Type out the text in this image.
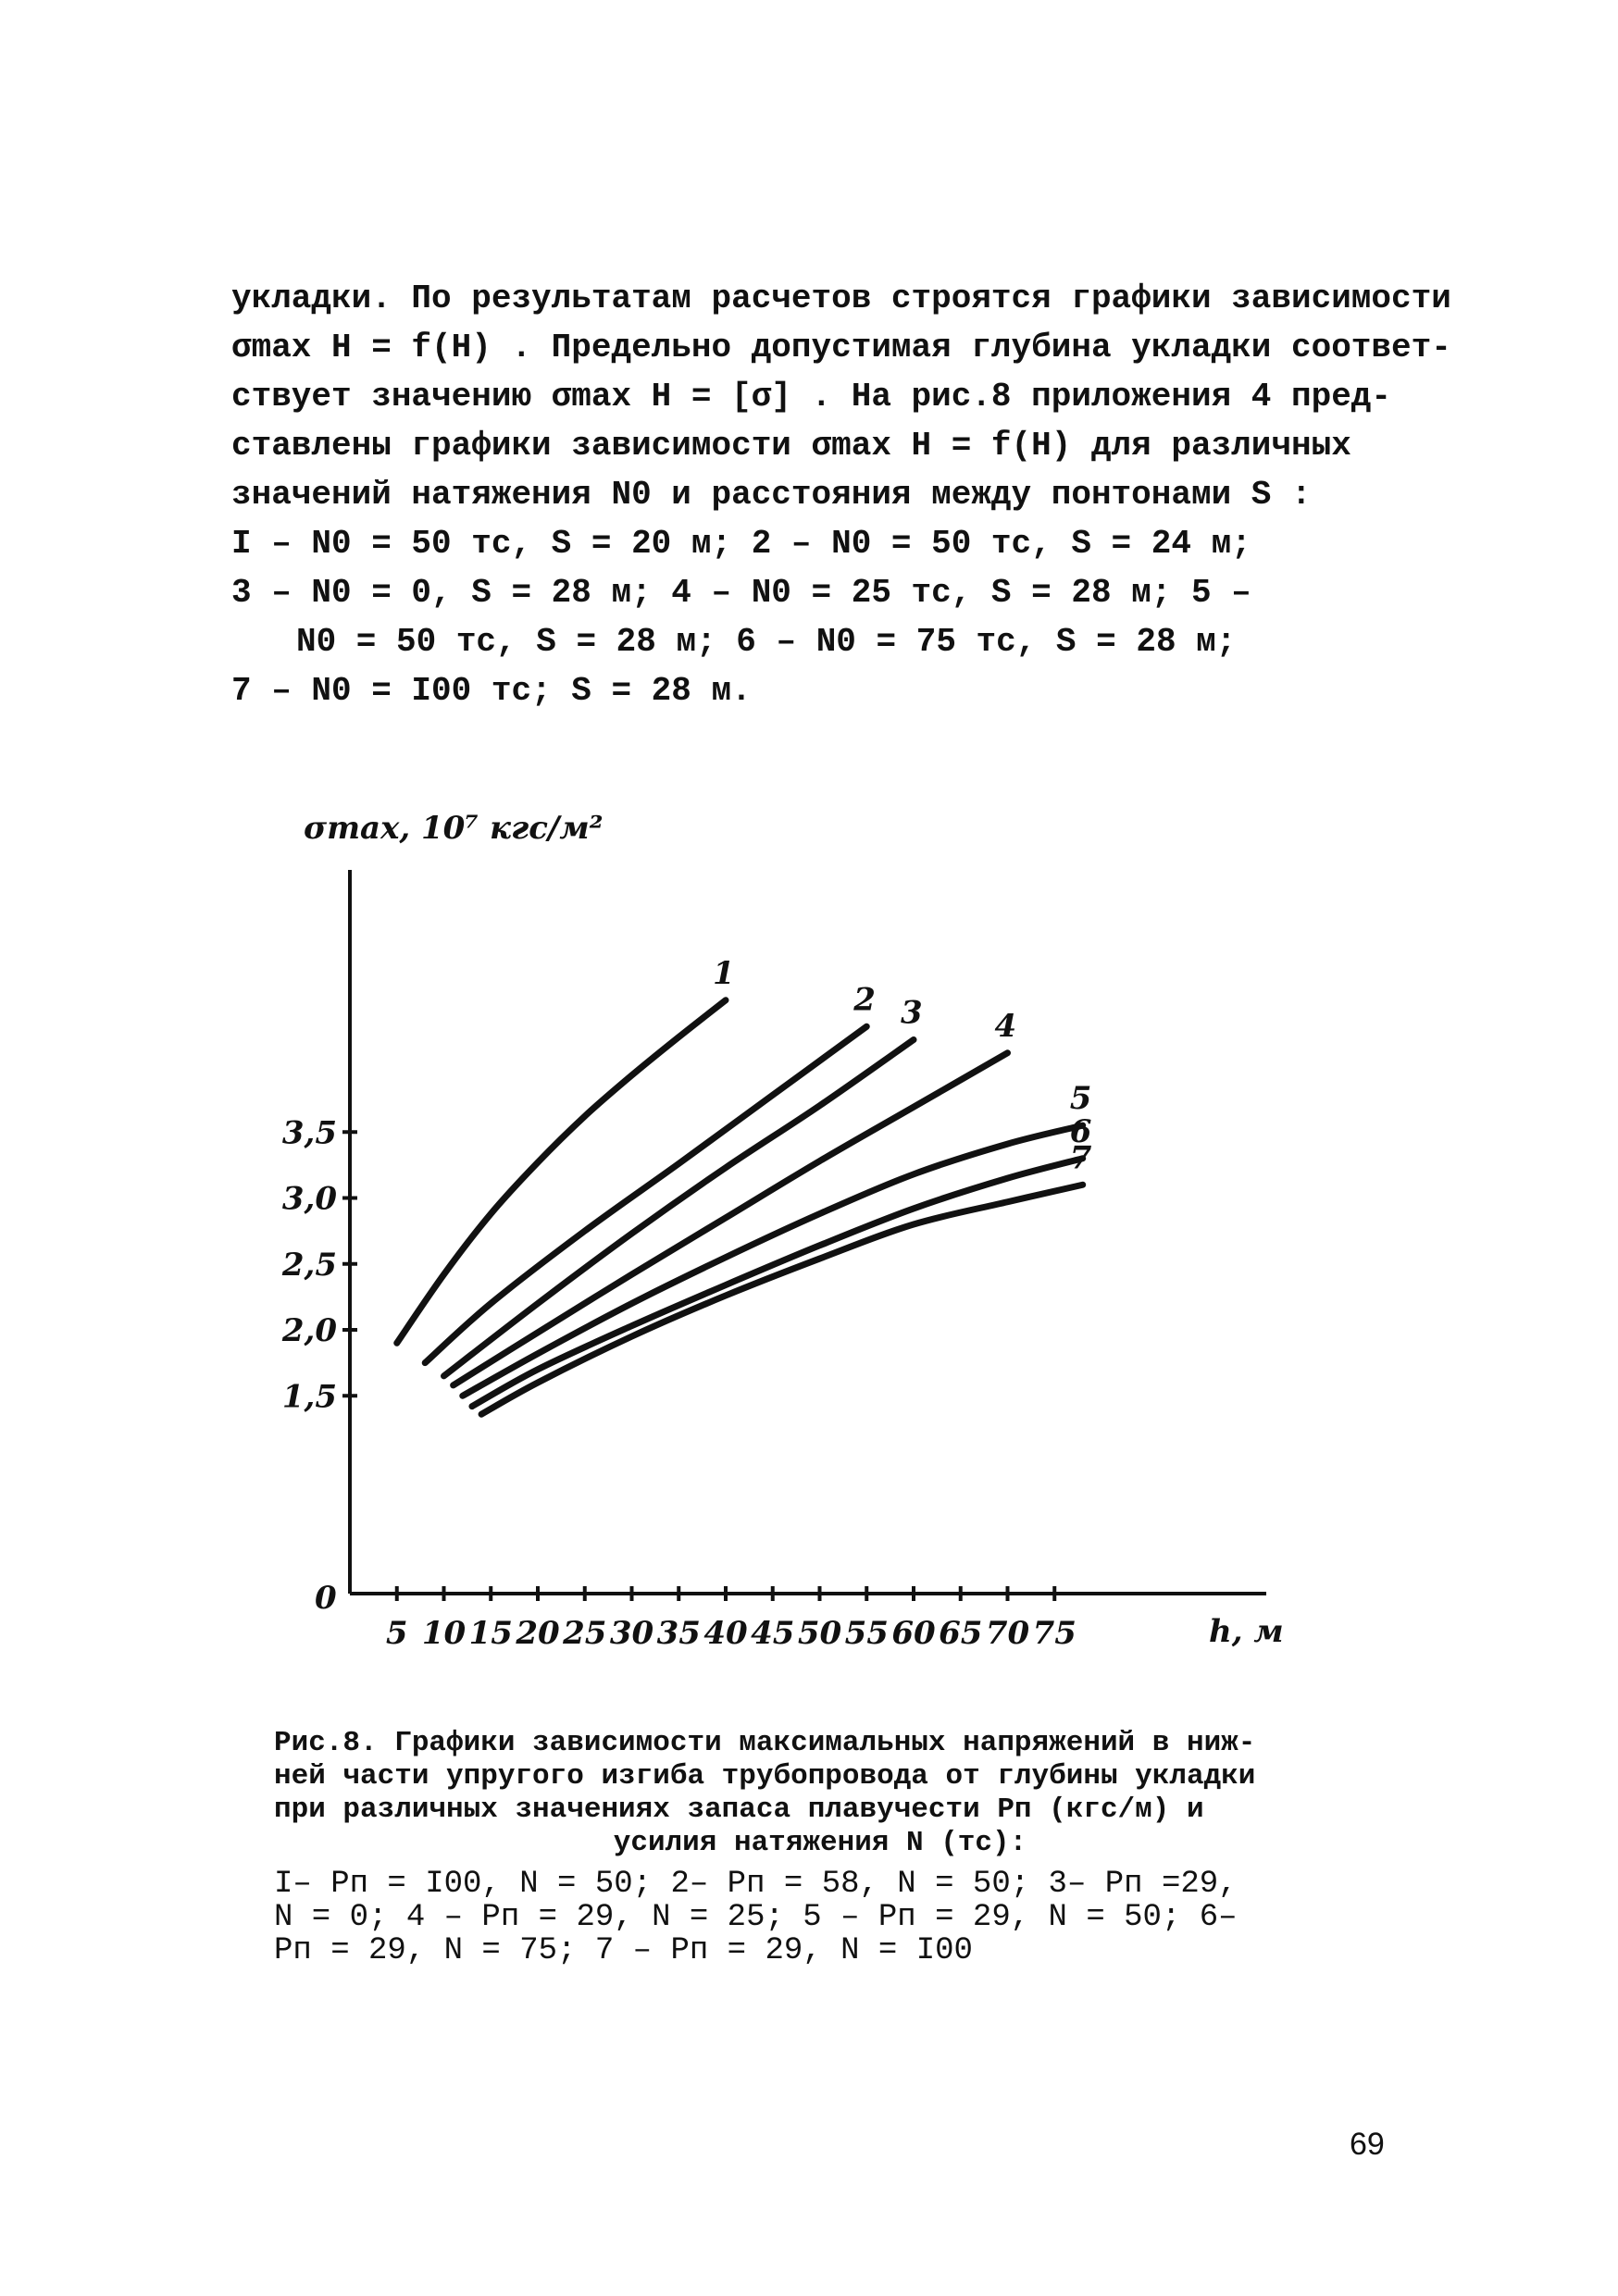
укладки. По результатам расчетов строятся графики зависимости

σmax H = f(H) . Предельно допустимая глубина укладки соответ-

ствует значению σmax H = [σ] . На рис.8 приложения 4 пред-

ставлены графики зависимости σmax H = f(H) для различных

значений натяжения N0 и расстояния между понтонами S :

I – N0 = 50 тс, S = 20 м; 2 – N0 = 50 тс, S = 24 м;

3 – N0 = 0, S = 28 м; 4 – N0 = 25 тс, S = 28 м; 5 –

N0 = 50 тс, S = 28 м; 6 – N0 = 75 тс, S = 28 м;

7 – N0 = I00 тс; S = 28 м.

5 10 15 20 25 30 35 40 45 50 55 60 65 70 75
1,5
2,0
2,5
3,0
3,5
1
2 3 4
5
6
7
σmax, 10⁷ кгс/м²
h, м
0

Рис.8. Графики зависимости максимальных напряжений в ниж-

ней части упругого изгиба трубопровода от глубины укладки

при различных значениях запаса плавучести Pп (кгс/м) и

усилия натяжения N (тс):

I– Pп = I00, N = 50; 2– Pп = 58, N = 50; 3– Pп =29,

N = 0; 4 – Pп = 29, N = 25; 5 – Pп = 29, N = 50; 6–

Pп = 29, N = 75; 7 – Pп = 29, N = I00

69
